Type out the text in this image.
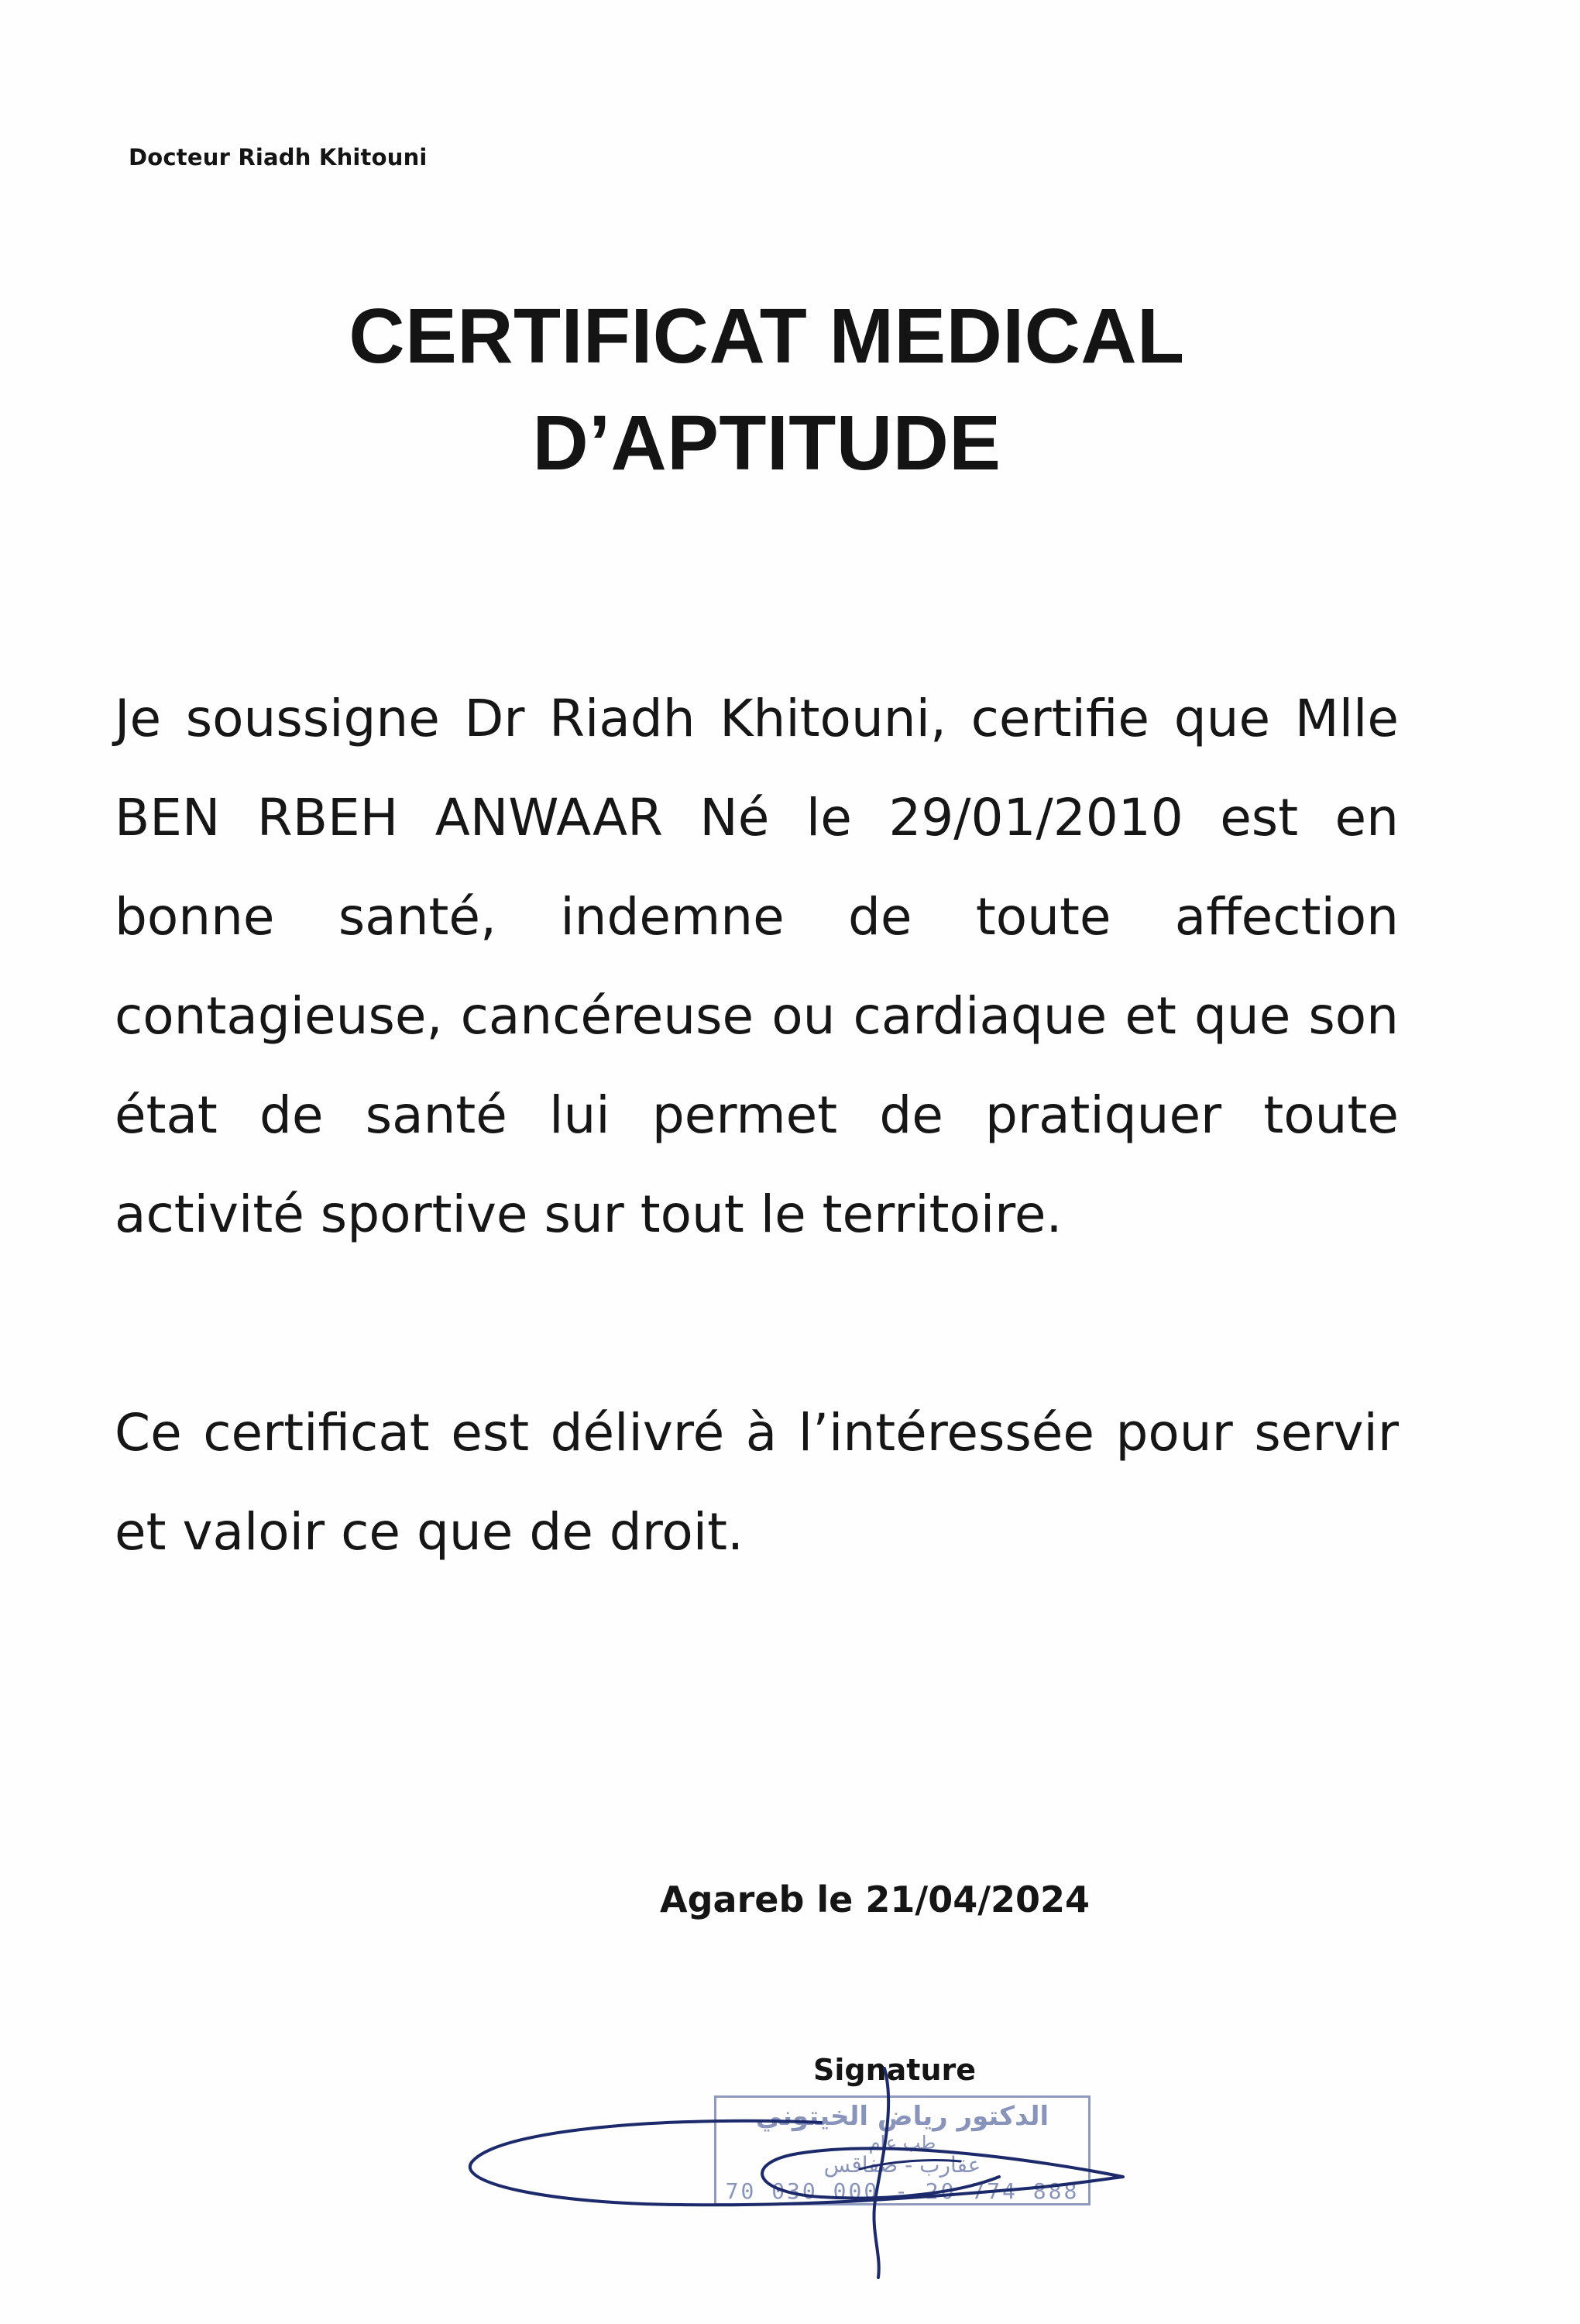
Docteur Riadh Khitouni
CERTIFICAT MEDICAL
D’APTITUDE
Je soussigne Dr Riadh Khitouni, certifie que Mlle BEN RBEH ANWAAR Né le 29/01/2010 est en bonne santé, indemne de toute affection contagieuse, cancéreuse ou cardiaque et que son état de santé lui permet de pratiquer toute activité sportive sur tout le territoire.
Ce certificat est délivré à l’intéressée pour servir et valoir ce que de droit.
Agareb le 21/04/2024
Signature
الدكتور رياض الخيتوني
طب عام
عقارب - صفاقس
70 030 000 - 20 774 888
